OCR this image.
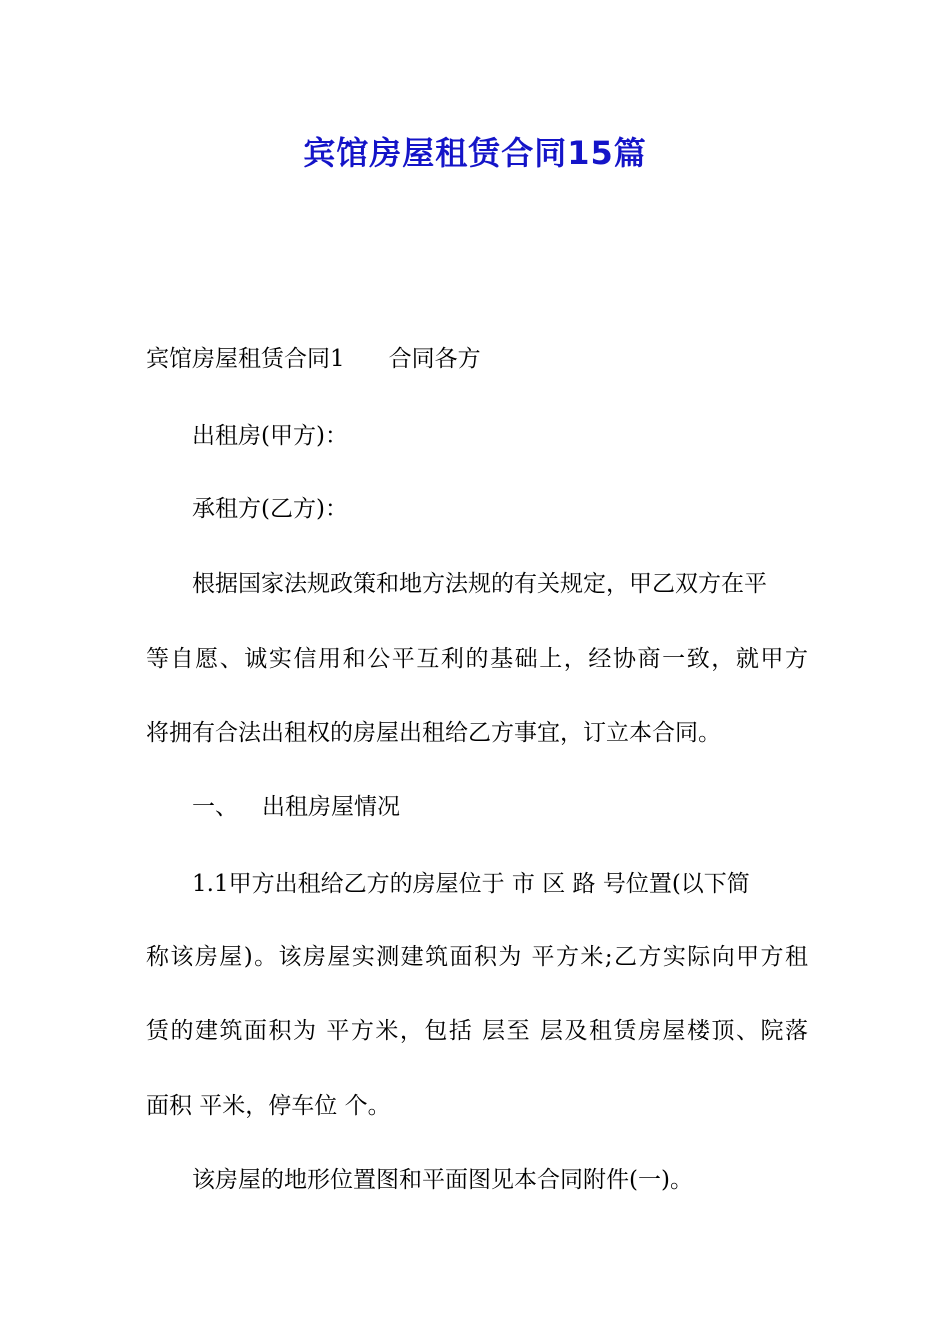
宾馆房屋租赁合同15篇
宾馆房屋租赁合同1 合同各方
出租房(甲方)：
承租方(乙方)：
根据国家法规政策和地方法规的有关规定，甲乙双方在平
等自愿、诚实信用和公平互利的基础上，经协商一致，就甲方
将拥有合法出租权的房屋出租给乙方事宜，订立本合同。
一、 出租房屋情况
1.1甲方出租给乙方的房屋位于 市 区 路 号位置(以下简
称该房屋)。该房屋实测建筑面积为 平方米;乙方实际向甲方租
赁的建筑面积为 平方米，包括 层至 层及租赁房屋楼顶、院落
面积 平米，停车位 个。
该房屋的地形位置图和平面图见本合同附件(一)。
